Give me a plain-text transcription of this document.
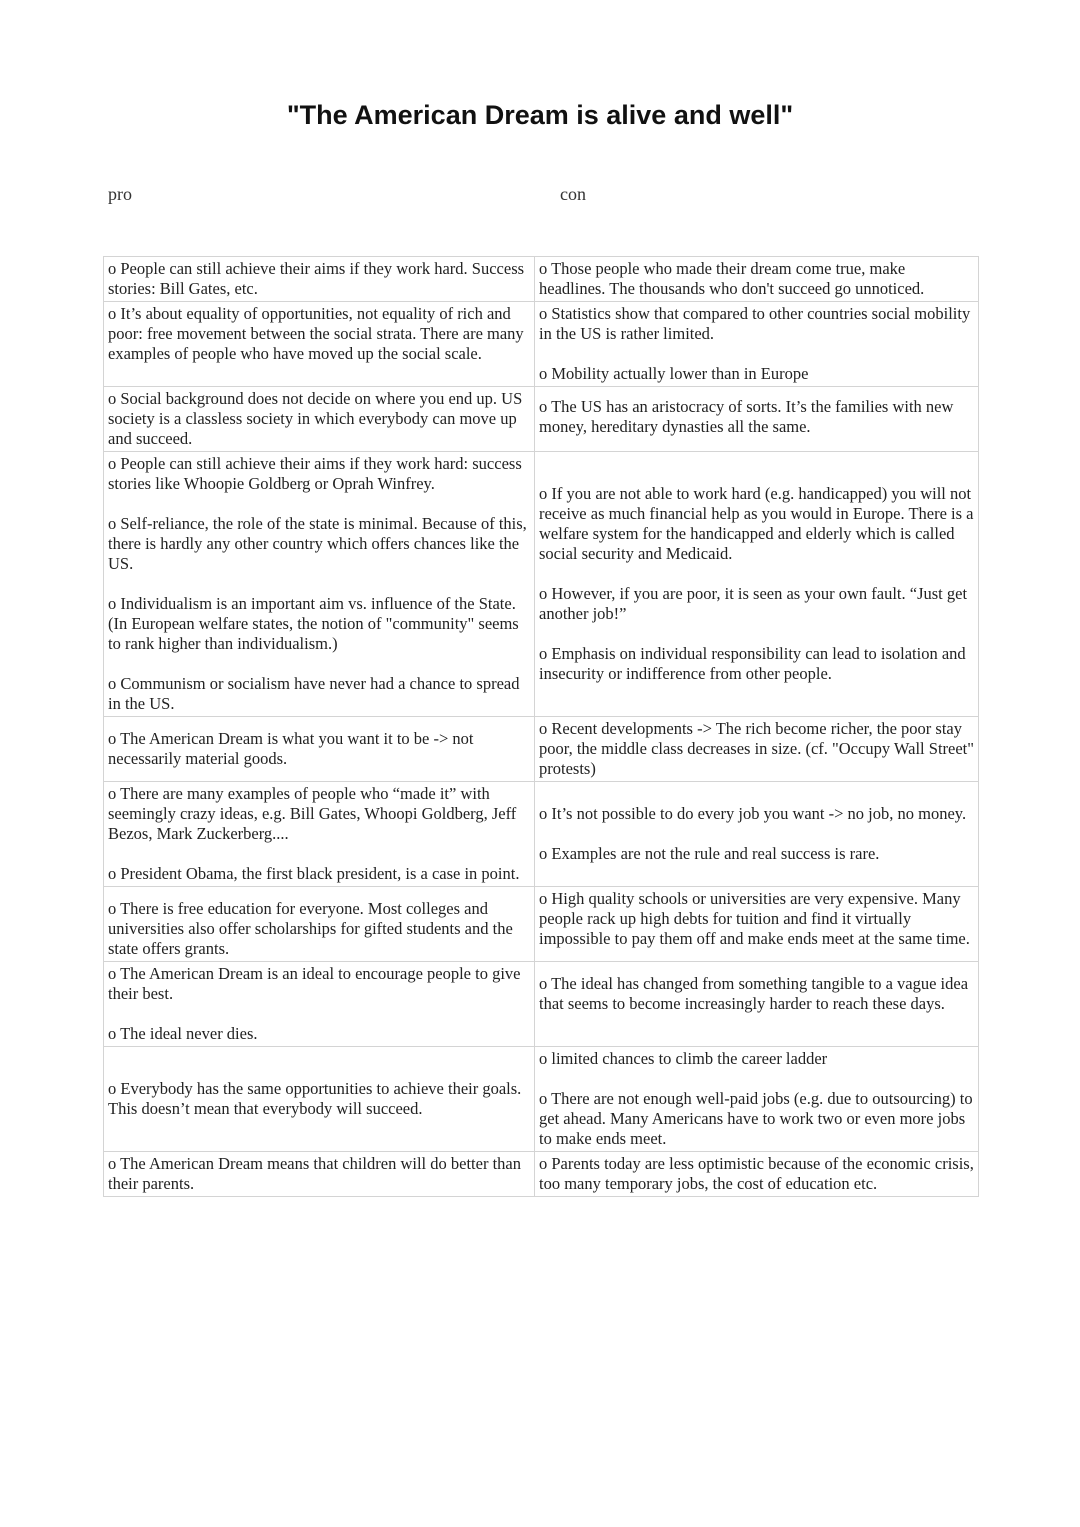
"The American Dream is alive and well"
pro	con

o People can still achieve their aims if they work hard. Success stories: Bill Gates, etc.

o Those people who made their dream come true, make headlines. The thousands who don't succeed go unnoticed.

o It’s about equality of opportunities, not equality of rich and poor: free movement between the social strata. There are many examples of people who have moved up the social scale.

o Statistics show that compared to other countries social mobility in the US is rather limited.

o Mobility actually lower than in Europe

o Social background does not decide on where you end up. US society is a classless society in which everybody can move up and succeed.

o The US has an aristocracy of sorts. It’s the families with new money, hereditary dynasties all the same.

o People can still achieve their aims if they work hard: success stories like Whoopie Goldberg or Oprah Winfrey.

o Self-reliance, the role of the state is minimal. Because of this, there is hardly any other country which offers chances like the US.

o Individualism is an important aim vs. influence of the State. (In European welfare states, the notion of "community" seems to rank higher than individualism.)

o Communism or socialism have never had a chance to spread in the US.

o If you are not able to work hard (e.g. handicapped) you will not receive as much financial help as you would in Europe. There is a welfare system for the handicapped and elderly which is called social security and Medicaid.

o However, if you are poor, it is seen as your own fault. “Just get another job!”

o Emphasis on individual responsibility can lead to isolation and insecurity or indifference from other people.

o The American Dream is what you want it to be -> not necessarily material goods.

o Recent developments -> The rich become richer, the poor stay poor, the middle class decreases in size. (cf. "Occupy Wall Street" protests)

o There are many examples of people who “made it” with seemingly crazy ideas, e.g. Bill Gates, Whoopi Goldberg, Jeff Bezos, Mark Zuckerberg....

o President Obama, the first black president, is a case in point.

o It’s not possible to do every job you want -> no job, no money.

o Examples are not the rule and real success is rare.

o There is free education for everyone. Most colleges and universities also offer scholarships for gifted students and the state offers grants.

o High quality schools or universities are very expensive. Many people rack up high debts for tuition and find it virtually impossible to pay them off and make ends meet at the same time.

o The American Dream is an ideal to encourage people to give their best.

o The ideal never dies.

o The ideal has changed from something tangible to a vague idea that seems to become increasingly harder to reach these days.

o Everybody has the same opportunities to achieve their goals. This doesn’t mean that everybody will succeed.

o limited chances to climb the career ladder

o There are not enough well-paid jobs (e.g. due to outsourcing) to get ahead. Many Americans have to work two or even more jobs to make ends meet.

o The American Dream means that children will do better than their parents.

o Parents today are less optimistic because of the economic crisis, too many temporary jobs, the cost of education etc.
